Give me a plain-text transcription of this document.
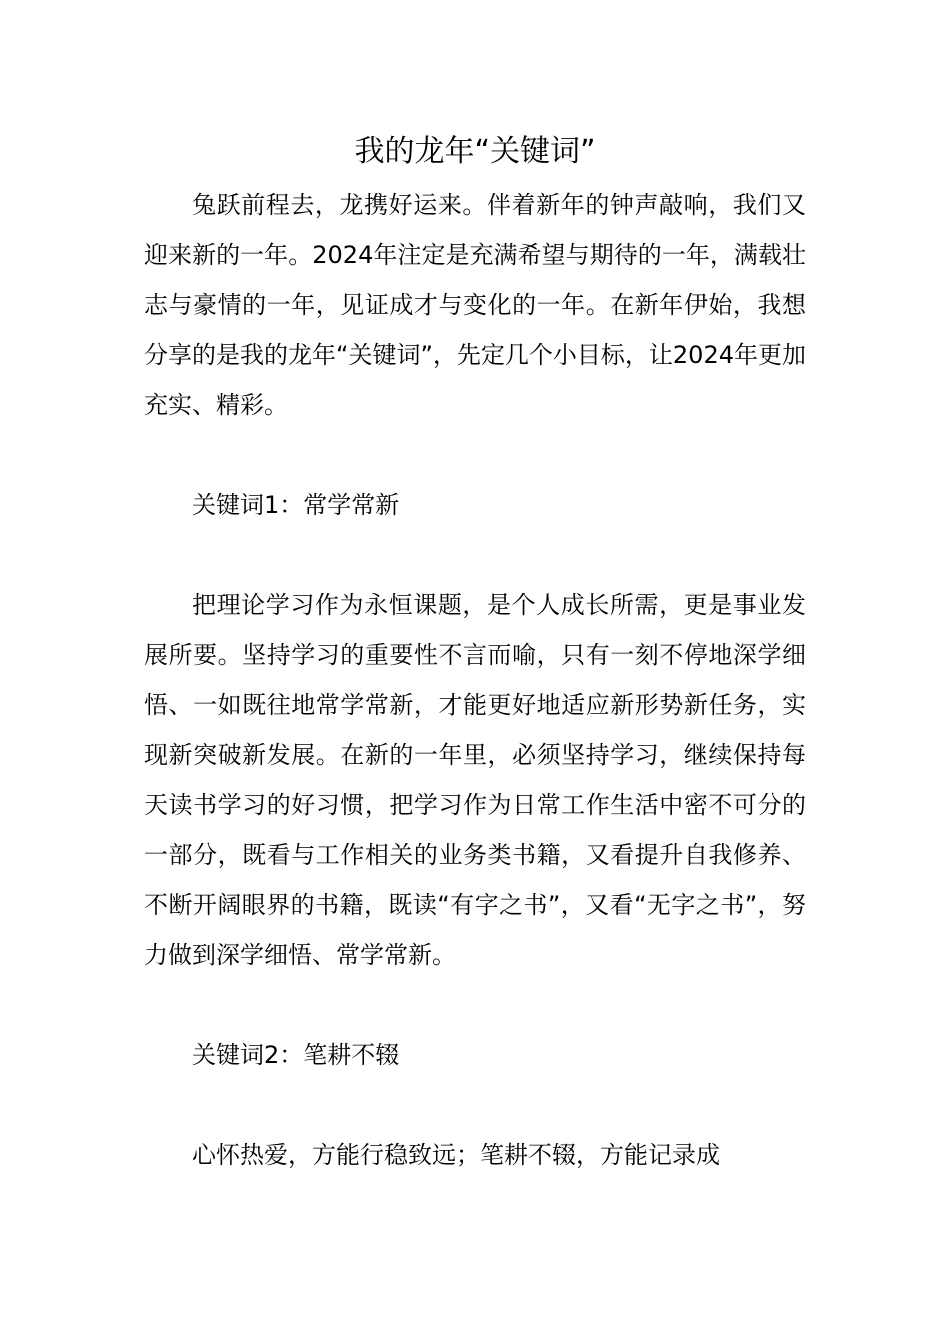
我的龙年“关键词”

兔跃前程去，龙携好运来。伴着新年的钟声敲响，我们又迎来新的一年。2024年注定是充满希望与期待的一年，满载壮志与豪情的一年，见证成才与变化的一年。在新年伊始，我想分享的是我的龙年“关键词”，先定几个小目标，让2024年更加充实、精彩。

关键词1：常学常新

把理论学习作为永恒课题，是个人成长所需，更是事业发展所要。坚持学习的重要性不言而喻，只有一刻不停地深学细悟、一如既往地常学常新，才能更好地适应新形势新任务，实现新突破新发展。在新的一年里，必须坚持学习，继续保持每天读书学习的好习惯，把学习作为日常工作生活中密不可分的一部分，既看与工作相关的业务类书籍，又看提升自我修养、不断开阔眼界的书籍，既读“有字之书”，又看“无字之书”，努力做到深学细悟、常学常新。

关键词2：笔耕不辍

心怀热爱，方能行稳致远；笔耕不辍，方能记录成
